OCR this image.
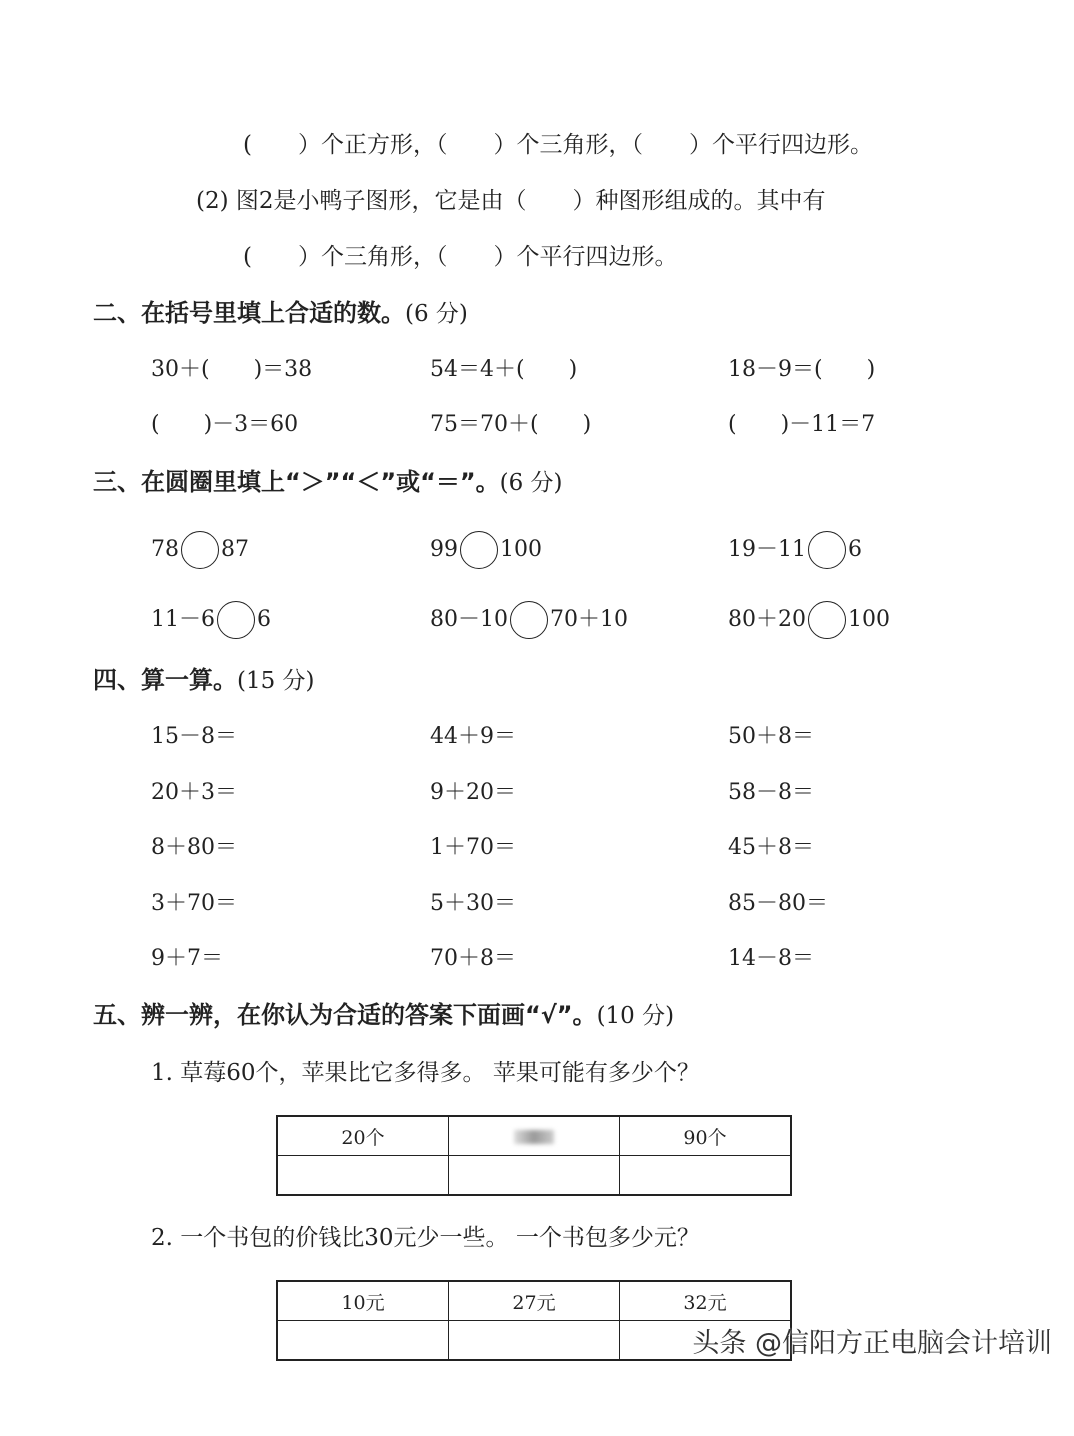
(　　）个正方形，（　　）个三角形，（　　）个平行四边形。
(2) 图2是小鸭子图形，它是由（　　）种图形组成的。其中有
(　　）个三角形，（　　）个平行四边形。
二、在括号里填上合适的数。(6 分)
30＋(　　)＝38	54＝4＋(　　)	18－9＝(　　)
(　　)－3＝60	75＝70＋(　　)	(　　)－11＝7
三、在圆圈里填上“＞”“＜”或“＝”。(6 分)
78 87	99 100	19－11 6
11－6 6	80－10 70＋10	80＋20 100
四、算一算。(15 分)
15－8＝	44＋9＝	50＋8＝
20＋3＝	9＋20＝	58－8＝
8＋80＝	1＋70＝	45＋8＝
3＋70＝	5＋30＝	85－80＝
9＋7＝	70＋8＝	14－8＝
五、辨一辨，在你认为合适的答案下面画“√”。(10 分)
1. 草莓60个，苹果比它多得多。 苹果可能有多少个？
20个		90个

2. 一个书包的价钱比30元少一些。 一个书包多少元？
10元	27元	32元

头条 @信阳方正电脑会计培训
